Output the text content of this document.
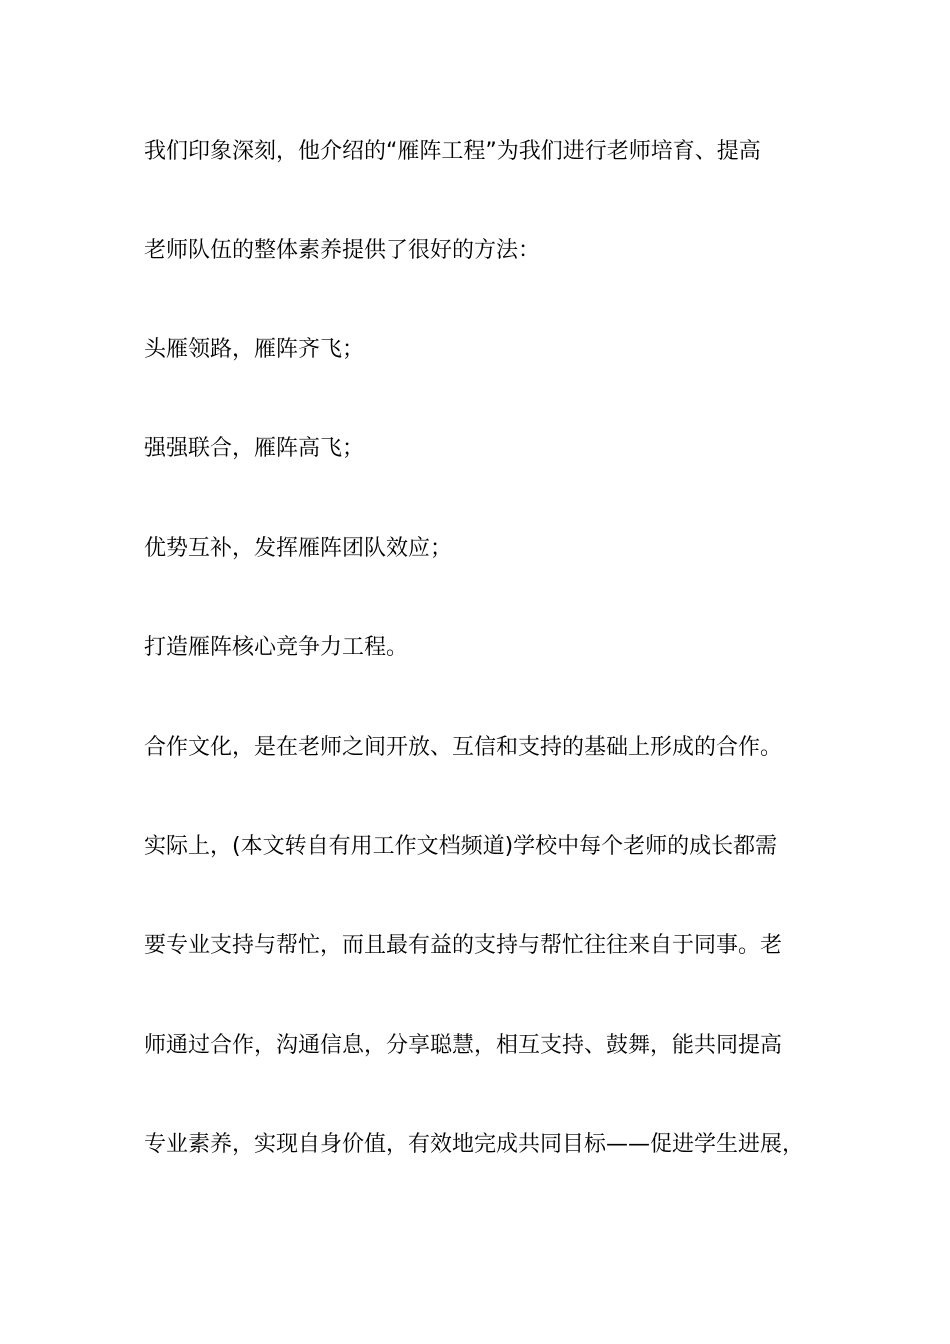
我们印象深刻，他介绍的“雁阵工程”为我们进行老师培育、提高

老师队伍的整体素养提供了很好的方法：

头雁领路，雁阵齐飞；

强强联合，雁阵高飞；

优势互补，发挥雁阵团队效应；

打造雁阵核心竞争力工程。

合作文化，是在老师之间开放、互信和支持的基础上形成的合作。

实际上，(本文转自有用工作文档频道)学校中每个老师的成长都需

要专业支持与帮忙，而且最有益的支持与帮忙往往来自于同事。老

师通过合作，沟通信息，分享聪慧，相互支持、鼓舞，能共同提高

专业素养，实现自身价值，有效地完成共同目标——促进学生进展，
